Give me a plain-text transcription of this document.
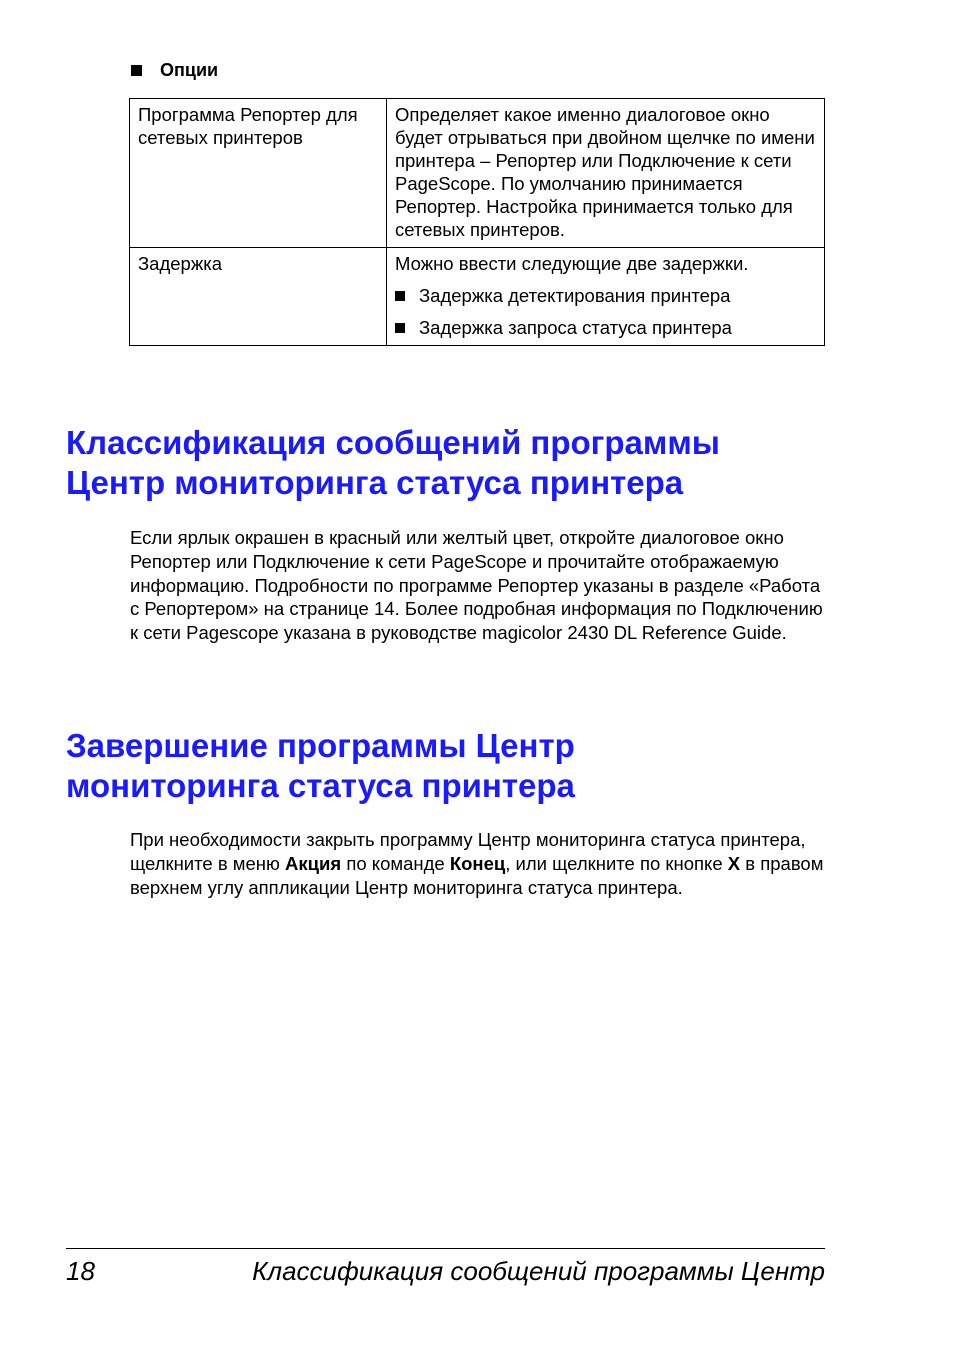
Опции
Программа Репортер для сетевых принтеров	Определяет какое именно диалоговое окно будет отрываться при двойном щелчке по имени принтера – Репортер или Подключение к сети PageScope. По умолчанию принимается Репортер. Настройка принимается только для сетевых принтеров.
Задержка	Можно ввести следующие две задержки.
Задержка детектирования принтера
Задержка запроса статуса принтера
Классификация сообщений программы
Центр мониторинга статуса принтера

Если ярлык окрашен в красный или желтый цвет, откройте диалоговое окно Репортер или Подключение к сети PageScope и прочитайте отображаемую информацию. Подробности по программе Репортер указаны в разделе «Работа с Репортером» на странице 14. Более подробная информация по Подключению к сети Pagescope указана в руководстве magicolor 2430 DL Reference Guide.

Завершение программы Центр
мониторинга статуса принтера

При необходимости закрыть программу Центр мониторинга статуса принтера, щелкните в меню Акция по команде Конец, или щелкните по кнопке X в правом верхнем углу аппликации Центр мониторинга статуса принтера.

18	Классификация сообщений программы Центр
